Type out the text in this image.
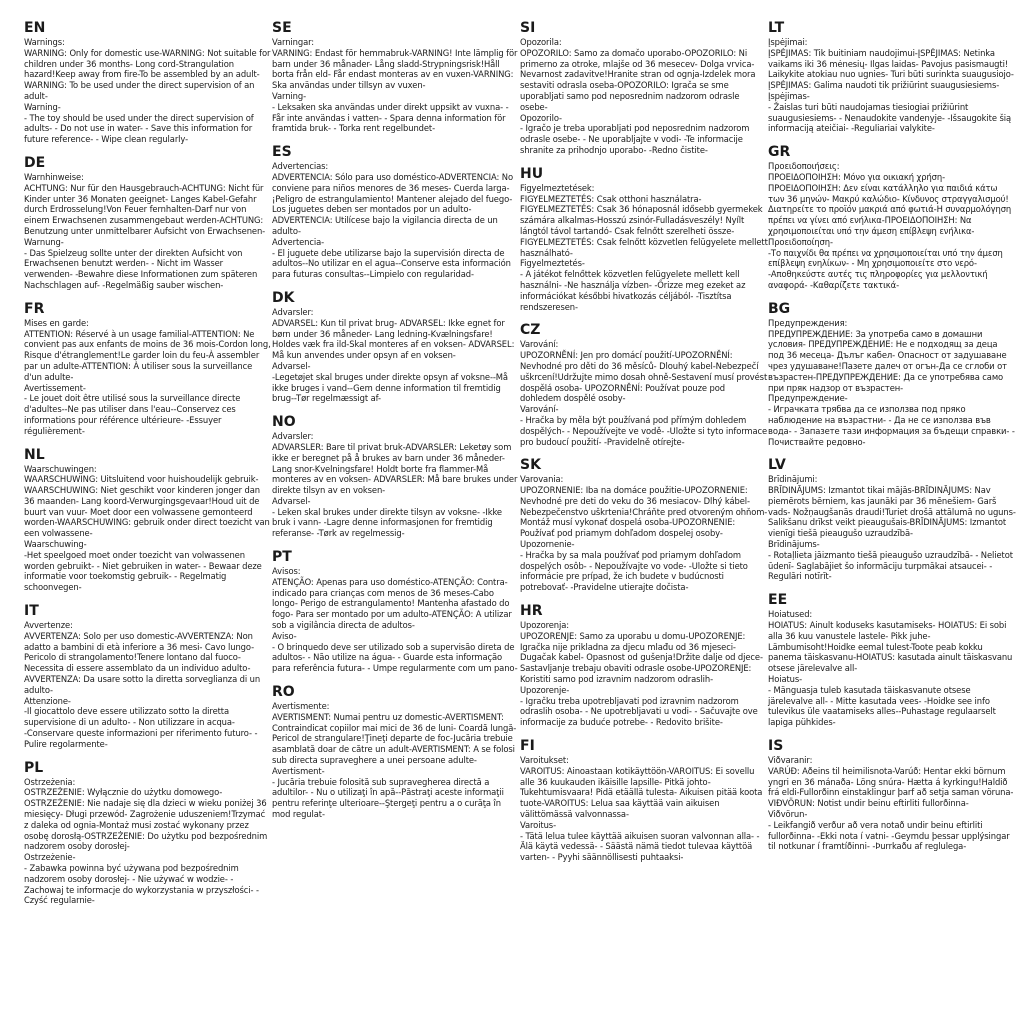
EN
Warnings:
WARNING: Only for domestic use-WARNING: Not suitable for children under 36 months- Long cord-Strangulation hazard!Keep away from fire-To be assembled by an adult-WARNING: To be used under the direct supervision of an adult-
Warning-
- The toy should be used under the direct supervision of adults- - Do not use in water- - Save this information for future reference- - Wipe clean regularly-
DE
Warnhinweise:
ACHTUNG: Nur für den Hausgebrauch-ACHTUNG: Nicht für Kinder unter 36 Monaten geeignet- Langes Kabel-Gefahr durch Erdrosselung!Von Feuer fernhalten-Darf nur von einem Erwachsenen zusammengebaut werden-ACHTUNG: Benutzung unter unmittelbarer Aufsicht von Erwachsenen-
Warnung-
- Das Spielzeug sollte unter der direkten Aufsicht von Erwachsenen benutzt werden- - Nicht im Wasser verwenden- -Bewahre diese Informationen zum späteren Nachschlagen auf- -Regelmäßig sauber wischen-
FR
Mises en garde:
ATTENTION: Réservé à un usage familial-ATTENTION: Ne convient pas aux enfants de moins de 36 mois-Cordon long, Risque d'étranglement!Le garder loin du feu-À assembler par un adulte-ATTENTION: À utiliser sous la surveillance d'un adulte-
Avertissement-
- Le jouet doit être utilisé sous la surveillance directe d'adultes--Ne pas utiliser dans l'eau--Conservez ces informations pour référence ultérieure- -Essuyer régulièrement-
NL
Waarschuwingen:
WAARSCHUWING: Uitsluitend voor huishoudelijk gebruik- WAARSCHUWING: Niet geschikt voor kinderen jonger dan 36 maanden- Lang koord-Verwurgingsgevaar!Houd uit de buurt van vuur- Moet door een volwassene gemonteerd worden-WAARSCHUWING: gebruik onder direct toezicht van een volwassene-
Waarschuwing-
-Het speelgoed moet onder toezicht van volwassenen worden gebruikt- - Niet gebruiken in water- - Bewaar deze informatie voor toekomstig gebruik- - Regelmatig schoonvegen-
IT
Avvertenze:
AVVERTENZA: Solo per uso domestic-AVVERTENZA: Non adatto a bambini di età inferiore a 36 mesi- Cavo lungo- Pericolo di strangolamento!Tenere lontano dal fuoco-Necessita di essere assemblato da un individuo adulto- AVVERTENZA: Da usare sotto la diretta sorveglianza di un adulto-
Attenzione-
-Il giocattolo deve essere utilizzato sotto la diretta supervisione di un adulto- - Non utilizzare in acqua-
-Conservare queste informazioni per riferimento futuro- -Pulire regolarmente-
PL
Ostrzeżenia:
OSTRZEŻENIE: Wyłącznie do użytku domowego-OSTRZEŻENIE: Nie nadaje się dla dzieci w wieku poniżej 36 miesięcy- Długi przewód- Zagrożenie uduszeniem!Trzymać z daleka od ognia-Montaż musi zostać wykonany przez osobę dorosłą-OSTRZEŻENIE: Do użytku pod bezpośrednim nadzorem osoby dorosłej-
Ostrzeżenie-
- Zabawka powinna być używana pod bezpośrednim nadzorem osoby dorosłej- - Nie używać w wodzie- - Zachowaj te informacje do wykorzystania w przyszłości- - Czyść regularnie-
SE
Varningar:
VARNING: Endast för hemmabruk-VARNING! Inte lämplig för barn under 36 månader- Lång sladd-Strypningsrisk!Håll borta från eld- Får endast monteras av en vuxen-VARNING: Ska användas under tillsyn av vuxen-
Varning-
- Leksaken ska användas under direkt uppsikt av vuxna- - Får inte användas i vatten- - Spara denna information för framtida bruk- - Torka rent regelbundet-
ES
Advertencias:
ADVERTENCIA: Sólo para uso doméstico-ADVERTENCIA: No conviene para niños menores de 36 meses- Cuerda larga- ¡Peligro de estrangulamiento! Mantener alejado del fuego- Los juguetes deben ser montados por un adulto- ADVERTENCIA: Utilícese bajo la vigilancia directa de un adulto-
Advertencia-
- El juguete debe utilizarse bajo la supervisión directa de adultos--No utilizar en el agua--Conserve esta información para futuras consultas--Limpielo con regularidad-
DK
Advarsler:
ADVARSEL: Kun til privat brug- ADVARSEL: Ikke egnet for børn under 36 måneder- Lang ledning-Kvælningsfare! Holdes væk fra ild-Skal monteres af en voksen- ADVARSEL: Må kun anvendes under opsyn af en voksen-
Advarsel-
-Legetøjet skal bruges under direkte opsyn af voksne--Må ikke bruges i vand--Gem denne information til fremtidig brug--Tør regelmæssigt af-
NO
Advarsler:
ADVARSLER: Bare til privat bruk-ADVARSLER: Leketøy som ikke er beregnet på å brukes av barn under 36 måneder- Lang snor-Kvelningsfare! Holdt borte fra flammer-Må monteres av en voksen- ADVARSLER: Må bare brukes under direkte tilsyn av en voksen-
Advarsel-
- Leken skal brukes under direkte tilsyn av voksne- -Ikke bruk i vann- -Lagre denne informasjonen for fremtidig referanse- -Tørk av regelmessig-
PT
Avisos:
ATENÇÃO: Apenas para uso doméstico-ATENÇÃO: Contra-indicado para crianças com menos de 36 meses-Cabo longo- Perigo de estrangulamento! Mantenha afastado do fogo- Para ser montado por um adulto-ATENÇÃO: A utilizar sob a vigilância directa de adultos-
Aviso-
- O brinquedo deve ser utilizado sob a supervisão direta de adultos- - Não utilize na água- - Guarde esta informação para referência futura- - Umpe regularmente com um pano-
RO
Avertismente:
AVERTISMENT: Numai pentru uz domestic-AVERTISMENT: Contraindicat copiilor mai mici de 36 de luni- Coardă lungă- Pericol de strangulare!Ţineţi departe de foc-Jucăria trebuie asamblată doar de către un adult-AVERTISMENT: A se folosi sub directa supraveghere a unei persoane adulte-
Avertisment-
- Jucăria trebuie folosită sub supravegherea directă a adultilor- - Nu o utilizaţi în apă--Păstraţi aceste informaţii pentru referinţe ulterioare--Ştergeţi pentru a o curăţa în mod regulat-
SI
Opozorila:
OPOZORILO: Samo za domačo uporabo-OPOZORILO: Ni primerno za otroke, mlajše od 36 mesecev- Dolga vrvica- Nevarnost zadavitve!Hranite stran od ognja-Izdelek mora sestaviti odrasla oseba-OPOZORILO: Igrača se sme uporabljati samo pod neposrednim nadzorom odrasle osebe-
Opozorilo-
- Igračo je treba uporabljati pod neposrednim nadzorom odrasle osebe- - Ne uporabljajte v vodi- -Te informacije shranite za prihodnjo uporabo- -Redno čistite-
HU
Figyelmeztetések:
FIGYELMEZTETÉS: Csak otthoni használatra-FIGYELMEZTETÉS: Csak 36 hónaposnál idősebb gyermekek számára alkalmas-Hosszú zsinór-Fulladásveszély! Nyílt lángtól távol tartandó- Csak felnőtt szerelheti össze-FIGYELMEZTETÉS: Csak felnőtt közvetlen felügyelete mellett használható-
Figyelmeztetés-
- A játékot felnőttek közvetlen felügyelete mellett kell használni- -Ne használja vízben- -Őrizze meg ezeket az információkat későbbi hivatkozás céljából- -Tisztítsa rendszeresen-
CZ
Varování:
UPOZORNĚNÍ: Jen pro domácí použití-UPOZORNĚNÍ: Nevhodné pro děti do 36 měsíců- Dlouhý kabel-Nebezpečí uškrcení!Udržujte mimo dosah ohně-Sestavení musí provést dospělá osoba- UPOZORNĚNÍ: Používat pouze pod dohledem dospělé osoby-
Varování-
- Hračka by měla být používaná pod přímým dohledem dospělých- - Nepoužívejte ve vodě- -Uložte si tyto informace pro budoucí použití- -Pravidelně otírejte-
SK
Varovania:
UPOZORNENIE: Iba na domáce použitie-UPOZORNENIE: Nevhodné pre deti do veku do 36 mesiacov- Dlhý kábel-Nebezpečenstvo uškrtenia!Chráňte pred otvoreným ohňom- Montáž musí vykonať dospelá osoba-UPOZORNENIE: Používať pod priamym dohľadom dospelej osoby-
Upozornenie-
- Hračka by sa mala používať pod priamym dohľadom dospelých osôb- - Nepoužívajte vo vode- -Uložte si tieto informácie pre prípad, že ich budete v budúcnosti potrebovať- -Pravidelne utierajte dočista-
HR
Upozorenja:
UPOZORENJE: Samo za uporabu u domu-UPOZORENJE: Igračka nije prikladna za djecu mlađu od 36 mjeseci- Dugačak kabel- Opasnost od gušenja!Držite dalje od djece-Sastavljanje trebaju obaviti odrasle osobe-UPOZORENJE: Koristiti samo pod izravnim nadzorom odraslih-
Upozorenje-
- Igračku treba upotrebljavati pod izravnim nadzorom odraslih osoba- - Ne upotrebljavati u vodi- - Sačuvajte ove informacije za buduće potrebe- - Redovito brišite-
FI
Varoitukset:
VAROITUS: Ainoastaan kotikäyttöön-VAROITUS: Ei sovellu alle 36 kuukauden ikäisille lapsille- Pitkä johto-Tukehtumisvaara! Pidä etäällä tulesta- Aikuisen pitää koota tuote-VAROITUS: Lelua saa käyttää vain aikuisen välittömässä valvonnassa-
Varoitus-
- Tätä lelua tulee käyttää aikuisen suoran valvonnan alla- - Älä käytä vedessä- - Säästä nämä tiedot tulevaa käyttöä varten- - Pyyhi säännöllisesti puhtaaksi-
LT
Įspėjimai:
ĮSPĖJIMAS: Tik buitiniam naudojimui-ĮSPĖJIMAS: Netinka vaikams iki 36 mėnesių- Ilgas laidas- Pavojus pasismaugti! Laikykite atokiau nuo ugnies- Turi būti surinkta suaugusiojo- ĮSPĖJIMAS: Galima naudoti tik prižiūrint suaugusiesiems-
Įspėjimas-
- Žaislas turi būti naudojamas tiesiogiai prižiūrint suaugusiesiems- - Nenaudokite vandenyje- -Išsaugokite šią informaciją ateičiai- -Reguliariai valykite-
GR
Προειδοποιήσεις:
ΠΡΟΕΙΔΟΠΟΙΗΣΗ: Μόνο για οικιακή χρήση-ΠΡΟΕΙΔΟΠΟΙΗΣΗ: Δεν είναι κατάλληλο για παιδιά κάτω των 36 μηνών- Μακρύ καλώδιο- Κίνδυνος στραγγαλισμού! Διατηρείτε το προϊόν μακριά από φωτιά-Η συναρμολόγηση πρέπει να γίνει από ενήλικα-ΠΡΟΕΙΔΟΠΟΙΗΣΗ: Να χρησιμοποιείται υπό την άμεση επίβλεψη ενήλικα-
Προειδοποίηση-
-Το παιχνίδι θα πρέπει να χρησιμοποιείται υπό την άμεση επίβλεψη ενηλίκων- - Μη χρησιμοποιείτε στο νερό- -Αποθηκεύστε αυτές τις πληροφορίες για μελλοντική αναφορά- -Καθαρίζετε τακτικά-
BG
Предупреждения:
ПРЕДУПРЕЖДЕНИЕ: За употреба само в домашни условия- ПРЕДУПРЕЖДЕНИЕ: Не е подходящ за деца под 36 месеца- Дълъг кабел- Опасност от задушаване чрез удушаване!Пазете далеч от огън-Да се сглоби от възрастен-ПРЕДУПРЕЖДЕНИЕ: Да се употребява само при пряк надзор от възрастен-
Предупреждение-
- Играчката трябва да се използва под пряко наблюдение на възрастни- - Да не се използва във вода- - Запазете тази информация за бъдещи справки- - Почиствайте редовно-
LV
Brīdinājumi:
BRĪDINĀJUMS: Izmantot tikai mājās-BRĪDINĀJUMS: Nav piemērots bērniem, kas jaunāki par 36 mēnešiem- Garš vads- Nožņaugšanās draudi!Turiet drošā attālumā no uguns- Salikšanu drīkst veikt pieaugušais-BRĪDINĀJUMS: Izmantot vienīgi tiešā pieaugušo uzraudzībā-
Brīdinājums-
- Rotaļlieta jāizmanto tiešā pieaugušo uzraudzībā- - Nelietot ūdenī- Saglabājiet šo informāciju turpmākai atsaucei- -Regulāri notīrīt-
EE
Hoiatused:
HOIATUS: Ainult koduseks kasutamiseks- HOIATUS: Ei sobi alla 36 kuu vanustele lastele- Pikk juhe-Lämbumisoht!Hoidke eemal tulest-Toote peab kokku panema täiskasvanu-HOIATUS: kasutada ainult täiskasvanu otsese järelevalve all-
Hoiatus-
- Mänguasja tuleb kasutada täiskasvanute otsese järelevalve all- - Mitte kasutada vees- -Hoidke see info tulevikus üle vaatamiseks alles--Puhastage regulaarselt lapiga pühkides-
IS
Viðvaranir:
VARÚÐ: Aðeins til heimilisnota-Varúð: Hentar ekki börnum yngri en 36 mánaða- Löng snúra- Hætta á kyrkingu!Haldið frá eldi-Fullorðinn einstaklingur þarf að setja saman vöruna- VIÐVÖRUN: Notist undir beinu eftirliti fullorðinna-
Viðvörun-
- Leikfangið verður að vera notað undir beinu eftirliti fullorðinna- -Ekki nota í vatni- -Geymdu þessar upplýsingar til notkunar í framtíðinni- -Þurrkaðu af reglulega-
